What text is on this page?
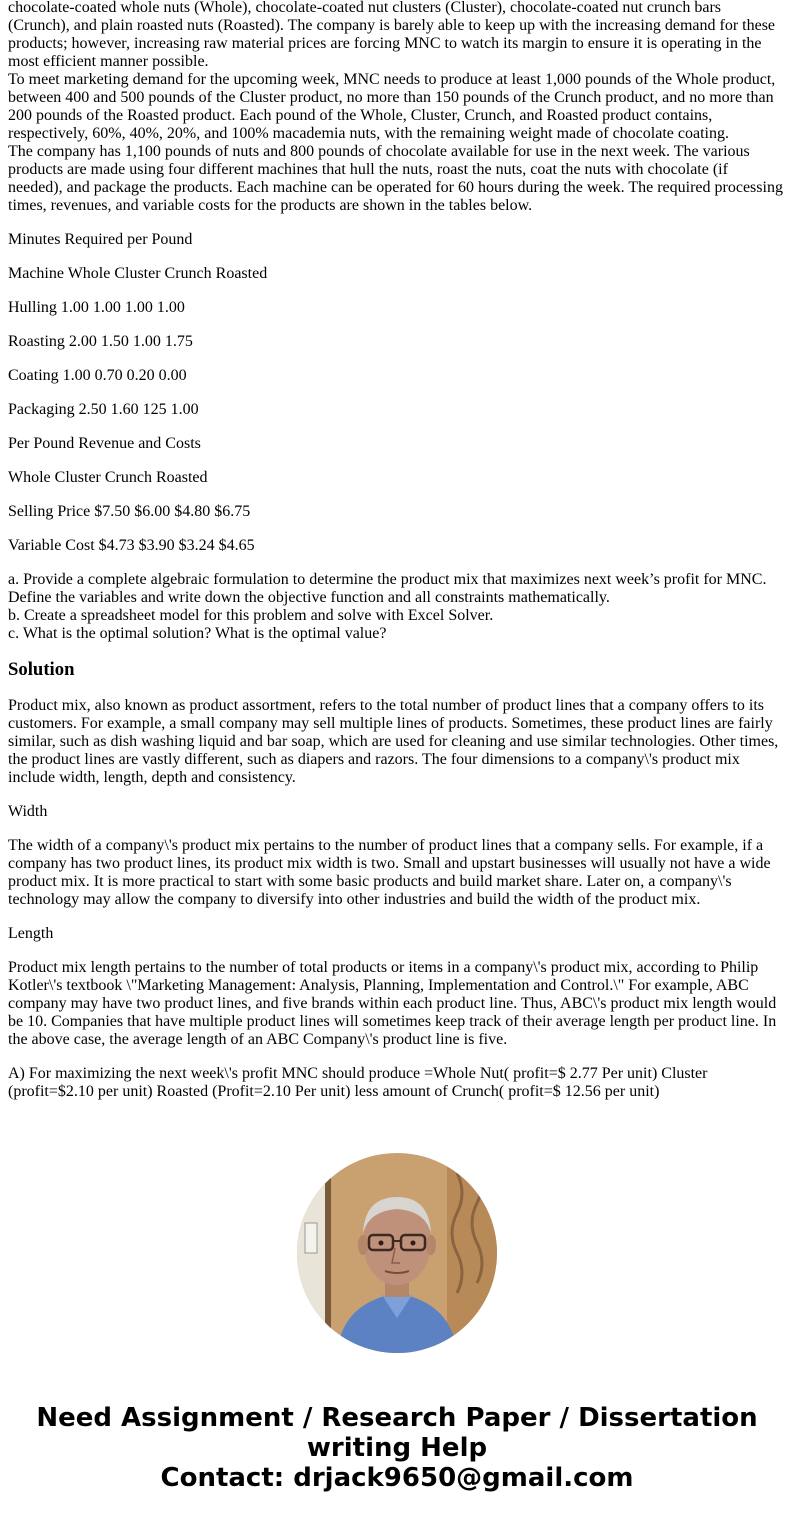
chocolate-coated whole nuts (Whole), chocolate-coated nut clusters (Cluster), chocolate-coated nut crunch bars (Crunch), and plain roasted nuts (Roasted). The company is barely able to keep up with the increasing demand for these products; however, increasing raw material prices are forcing MNC to watch its margin to ensure it is operating in the most efficient manner possible.
To meet marketing demand for the upcoming week, MNC needs to produce at least 1,000 pounds of the Whole product, between 400 and 500 pounds of the Cluster product, no more than 150 pounds of the Crunch product, and no more than 200 pounds of the Roasted product. Each pound of the Whole, Cluster, Crunch, and Roasted product contains, respectively, 60%, 40%, 20%, and 100% macademia nuts, with the remaining weight made of chocolate coating.
The company has 1,100 pounds of nuts and 800 pounds of chocolate available for use in the next week. The various products are made using four different machines that hull the nuts, roast the nuts, coat the nuts with chocolate (if needed), and package the products. Each machine can be operated for 60 hours during the week. The required processing times, revenues, and variable costs for the products are shown in the tables below.
Minutes Required per Pound
Machine Whole Cluster Crunch Roasted
Hulling 1.00 1.00 1.00 1.00
Roasting 2.00 1.50 1.00 1.75
Coating 1.00 0.70 0.20 0.00
Packaging 2.50 1.60 125 1.00
Per Pound Revenue and Costs
Whole Cluster Crunch Roasted
Selling Price $7.50 $6.00 $4.80 $6.75
Variable Cost $4.73 $3.90 $3.24 $4.65
a. Provide a complete algebraic formulation to determine the product mix that maximizes next week’s profit for MNC. Define the variables and write down the objective function and all constraints mathematically.
b. Create a spreadsheet model for this problem and solve with Excel Solver.
c. What is the optimal solution? What is the optimal value?
Solution
Product mix, also known as product assortment, refers to the total number of product lines that a company offers to its customers. For example, a small company may sell multiple lines of products. Sometimes, these product lines are fairly similar, such as dish washing liquid and bar soap, which are used for cleaning and use similar technologies. Other times, the product lines are vastly different, such as diapers and razors. The four dimensions to a company\'s product mix include width, length, depth and consistency.
Width
The width of a company\'s product mix pertains to the number of product lines that a company sells. For example, if a company has two product lines, its product mix width is two. Small and upstart businesses will usually not have a wide product mix. It is more practical to start with some basic products and build market share. Later on, a company\'s technology may allow the company to diversify into other industries and build the width of the product mix.
Length
Product mix length pertains to the number of total products or items in a company\'s product mix, according to Philip Kotler\'s textbook \"Marketing Management: Analysis, Planning, Implementation and Control.\" For example, ABC company may have two product lines, and five brands within each product line. Thus, ABC\'s product mix length would be 10. Companies that have multiple product lines will sometimes keep track of their average length per product line. In the above case, the average length of an ABC Company\'s product line is five.
A) For maximizing the next week\'s profit MNC should produce =Whole Nut( profit=$ 2.77 Per unit) Cluster (profit=$2.10 per unit) Roasted (Profit=2.10 Per unit) less amount of Crunch( profit=$ 12.56 per unit)
Need Assignment / Research Paper / Dissertation
writing Help
Contact: drjack9650@gmail.com
